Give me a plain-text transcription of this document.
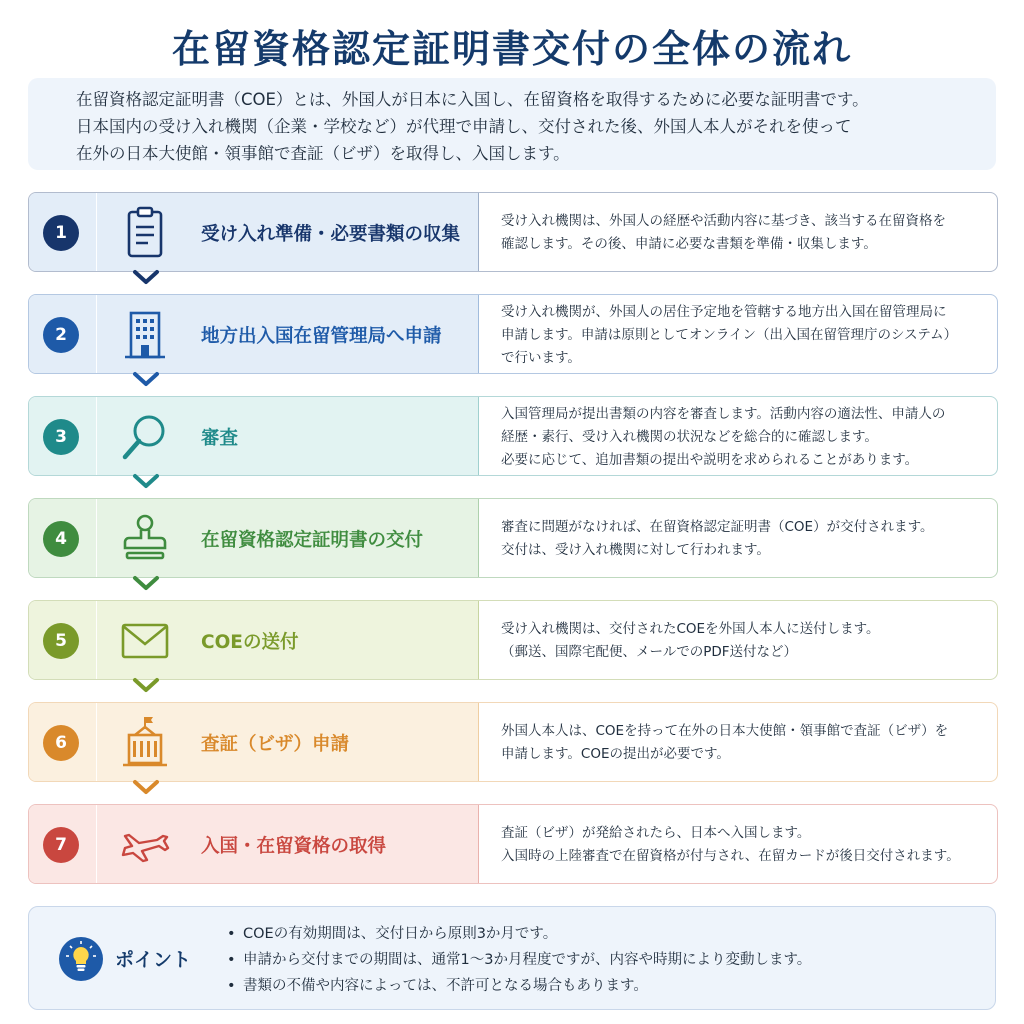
在留資格認定証明書交付の全体の流れ
在留資格認定証明書（COE）とは、外国人が日本に入国し、在留資格を取得するために必要な証明書です。
日本国内の受け入れ機関（企業・学校など）が代理で申請し、交付された後、外国人本人がそれを使って
在外の日本大使館・領事館で査証（ビザ）を取得し、入国します。
1	受け入れ準備・必要書類の収集
受け入れ機関は、外国人の経歴や活動内容に基づき、該当する在留資格を
確認します。その後、申請に必要な書類を準備・収集します。
2	地方出入国在留管理局へ申請
受け入れ機関が、外国人の居住予定地を管轄する地方出入国在留管理局に
申請します。申請は原則としてオンライン（出入国在留管理庁のシステム）
で行います。
3	審査
入国管理局が提出書類の内容を審査します。活動内容の適法性、申請人の
経歴・素行、受け入れ機関の状況などを総合的に確認します。
必要に応じて、追加書類の提出や説明を求められることがあります。
4	在留資格認定証明書の交付
審査に問題がなければ、在留資格認定証明書（COE）が交付されます。
交付は、受け入れ機関に対して行われます。
5	COEの送付
受け入れ機関は、交付されたCOEを外国人本人に送付します。
（郵送、国際宅配便、メールでのPDF送付など）
6	査証（ビザ）申請
外国人本人は、COEを持って在外の日本大使館・領事館で査証（ビザ）を
申請します。COEの提出が必要です。
7	入国・在留資格の取得
査証（ビザ）が発給されたら、日本へ入国します。
入国時の上陸審査で在留資格が付与され、在留カードが後日交付されます。
ポイント
• COEの有効期間は、交付日から原則3か月です。
• 申請から交付までの期間は、通常1〜3か月程度ですが、内容や時期により変動します。
• 書類の不備や内容によっては、不許可となる場合もあります。
